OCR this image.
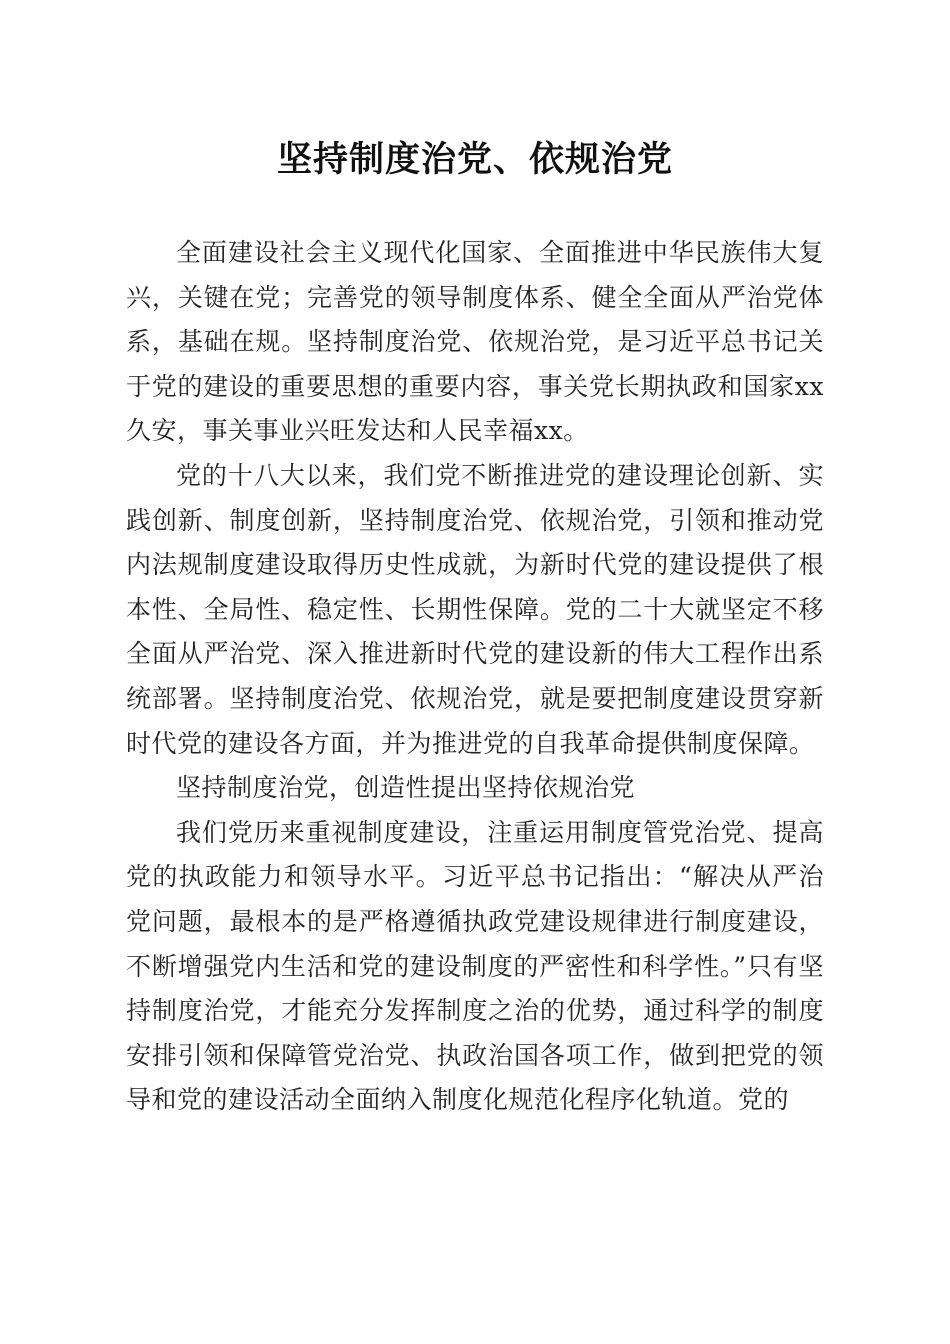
坚持制度治党、依规治党

全面建设社会主义现代化国家、全面推进中华民族伟大复兴，关键在党；完善党的领导制度体系、健全全面从严治党体系，基础在规。坚持制度治党、依规治党，是习近平总书记关于党的建设的重要思想的重要内容，事关党长期执政和国家xx久安，事关事业兴旺发达和人民幸福xx。

党的十八大以来，我们党不断推进党的建设理论创新、实践创新、制度创新，坚持制度治党、依规治党，引领和推动党内法规制度建设取得历史性成就，为新时代党的建设提供了根本性、全局性、稳定性、长期性保障。党的二十大就坚定不移全面从严治党、深入推进新时代党的建设新的伟大工程作出系统部署。坚持制度治党、依规治党，就是要把制度建设贯穿新时代党的建设各方面，并为推进党的自我革命提供制度保障。

坚持制度治党，创造性提出坚持依规治党

我们党历来重视制度建设，注重运用制度管党治党、提高党的执政能力和领导水平。习近平总书记指出：“解决从严治党问题，最根本的是严格遵循执政党建设规律进行制度建设，不断增强党内生活和党的建设制度的严密性和科学性。”只有坚持制度治党，才能充分发挥制度之治的优势，通过科学的制度安排引领和保障管党治党、执政治国各项工作，做到把党的领导和党的建设活动全面纳入制度化规范化程序化轨道。党的
